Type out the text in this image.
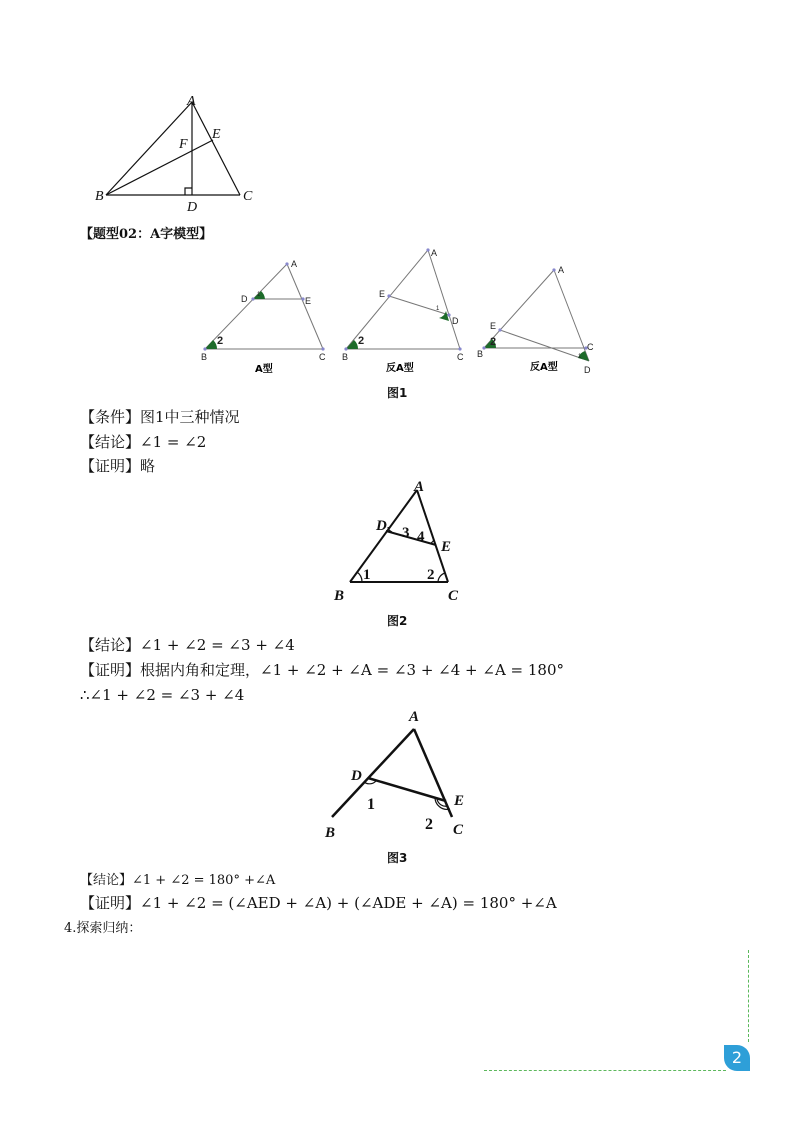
A
E
F
B
D
C
【题型02：A字模型】
A
D	E
1
2
B	C
A型
A
E
D
1
2
B	C
反A型
A
E
C
1
2
B
D
反A型
图1
【条件】图1中三种情况
【结论】∠1 = ∠2
【证明】略
A
D
E
B	C
1	2
3 4
图2
【结论】∠1 + ∠2 = ∠3 + ∠4
【证明】根据内角和定理，∠1 + ∠2 + ∠A = ∠3 + ∠4 + ∠A = 180°
∴∠1 + ∠2 = ∠3 + ∠4
A
D
E
B	C
1
2
图3
【结论】∠1 + ∠2 = 180° +∠A
【证明】∠1 + ∠2 = (∠AED + ∠A) + (∠ADE + ∠A) = 180° +∠A
4.探索归纳：
2
